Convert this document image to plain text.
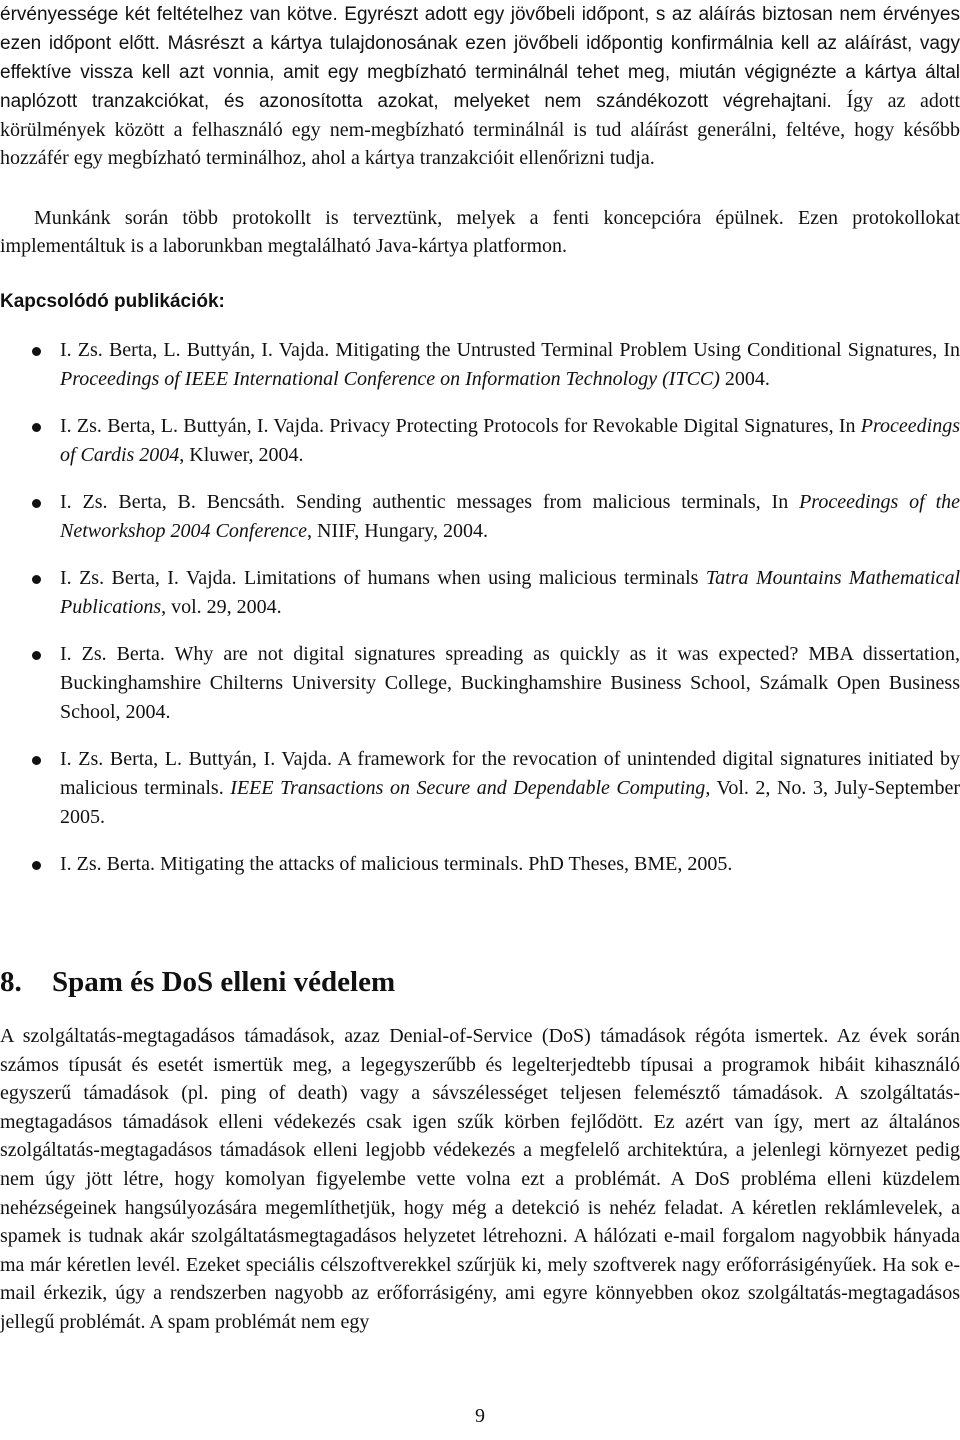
érvényessége két feltételhez van kötve. Egyrészt adott egy jövőbeli időpont, s az aláírás biztosan nem érvényes ezen időpont előtt. Másrészt a kártya tulajdonosának ezen jövőbeli időpontig konfirmálnia kell az aláírást, vagy effektíve vissza kell azt vonnia, amit egy megbízható terminálnál tehet meg, miután végignézte a kártya által naplózott tranzakciókat, és azonosította azokat, melyeket nem szándékozott végrehajtani. Így az adott körülmények között a felhasználó egy nem-megbízható terminálnál is tud aláírást generálni, feltéve, hogy később hozzáfér egy megbízható terminálhoz, ahol a kártya tranzakcióit ellenőrizni tudja.

Munkánk során több protokollt is terveztünk, melyek a fenti koncepcióra épülnek. Ezen protokollokat implementáltuk is a laborunkban megtalálható Java-kártya platformon.

Kapcsolódó publikációk:

I. Zs. Berta, L. Buttyán, I. Vajda. Mitigating the Untrusted Terminal Problem Using Conditional Signatures, In Proceedings of IEEE International Conference on Information Technology (ITCC) 2004.
I. Zs. Berta, L. Buttyán, I. Vajda. Privacy Protecting Protocols for Revokable Digital Signatures, In Proceedings of Cardis 2004, Kluwer, 2004.
I. Zs. Berta, B. Bencsáth. Sending authentic messages from malicious terminals, In Proceedings of the Networkshop 2004 Conference, NIIF, Hungary, 2004.
I. Zs. Berta, I. Vajda. Limitations of humans when using malicious terminals Tatra Mountains Mathematical Publications, vol. 29, 2004.
I. Zs. Berta. Why are not digital signatures spreading as quickly as it was expected? MBA dissertation, Buckinghamshire Chilterns University College, Buckinghamshire Business School, Számalk Open Business School, 2004.
I. Zs. Berta, L. Buttyán, I. Vajda. A framework for the revocation of unintended digital signatures initiated by malicious terminals. IEEE Transactions on Secure and Dependable Computing, Vol. 2, No. 3, July-September 2005.
I. Zs. Berta. Mitigating the attacks of malicious terminals. PhD Theses, BME, 2005.
8. Spam és DoS elleni védelem

A szolgáltatás-megtagadásos támadások, azaz Denial-of-Service (DoS) támadások régóta ismertek. Az évek során számos típusát és esetét ismertük meg, a legegyszerűbb és legelterjedtebb típusai a programok hibáit kihasználó egyszerű támadások (pl. ping of death) vagy a sávszélességet teljesen felemésztő támadások. A szolgáltatás-megtagadásos támadások elleni védekezés csak igen szűk körben fejlődött. Ez azért van így, mert az általános szolgáltatás-megtagadásos támadások elleni legjobb védekezés a megfelelő architektúra, a jelenlegi környezet pedig nem úgy jött létre, hogy komolyan figyelembe vette volna ezt a problémát. A DoS probléma elleni küzdelem nehézségeinek hangsúlyozására megemlíthetjük, hogy még a detekció is nehéz feladat. A kéretlen reklámlevelek, a spamek is tudnak akár szolgáltatásmegtagadásos helyzetet létrehozni. A hálózati e-mail forgalom nagyobbik hányada ma már kéretlen levél. Ezeket speciális célszoftverekkel szűrjük ki, mely szoftverek nagy erőforrásigényűek. Ha sok e-mail érkezik, úgy a rendszerben nagyobb az erőforrásigény, ami egyre könnyebben okoz szolgáltatás-megtagadásos jellegű problémát. A spam problémát nem egy

9
